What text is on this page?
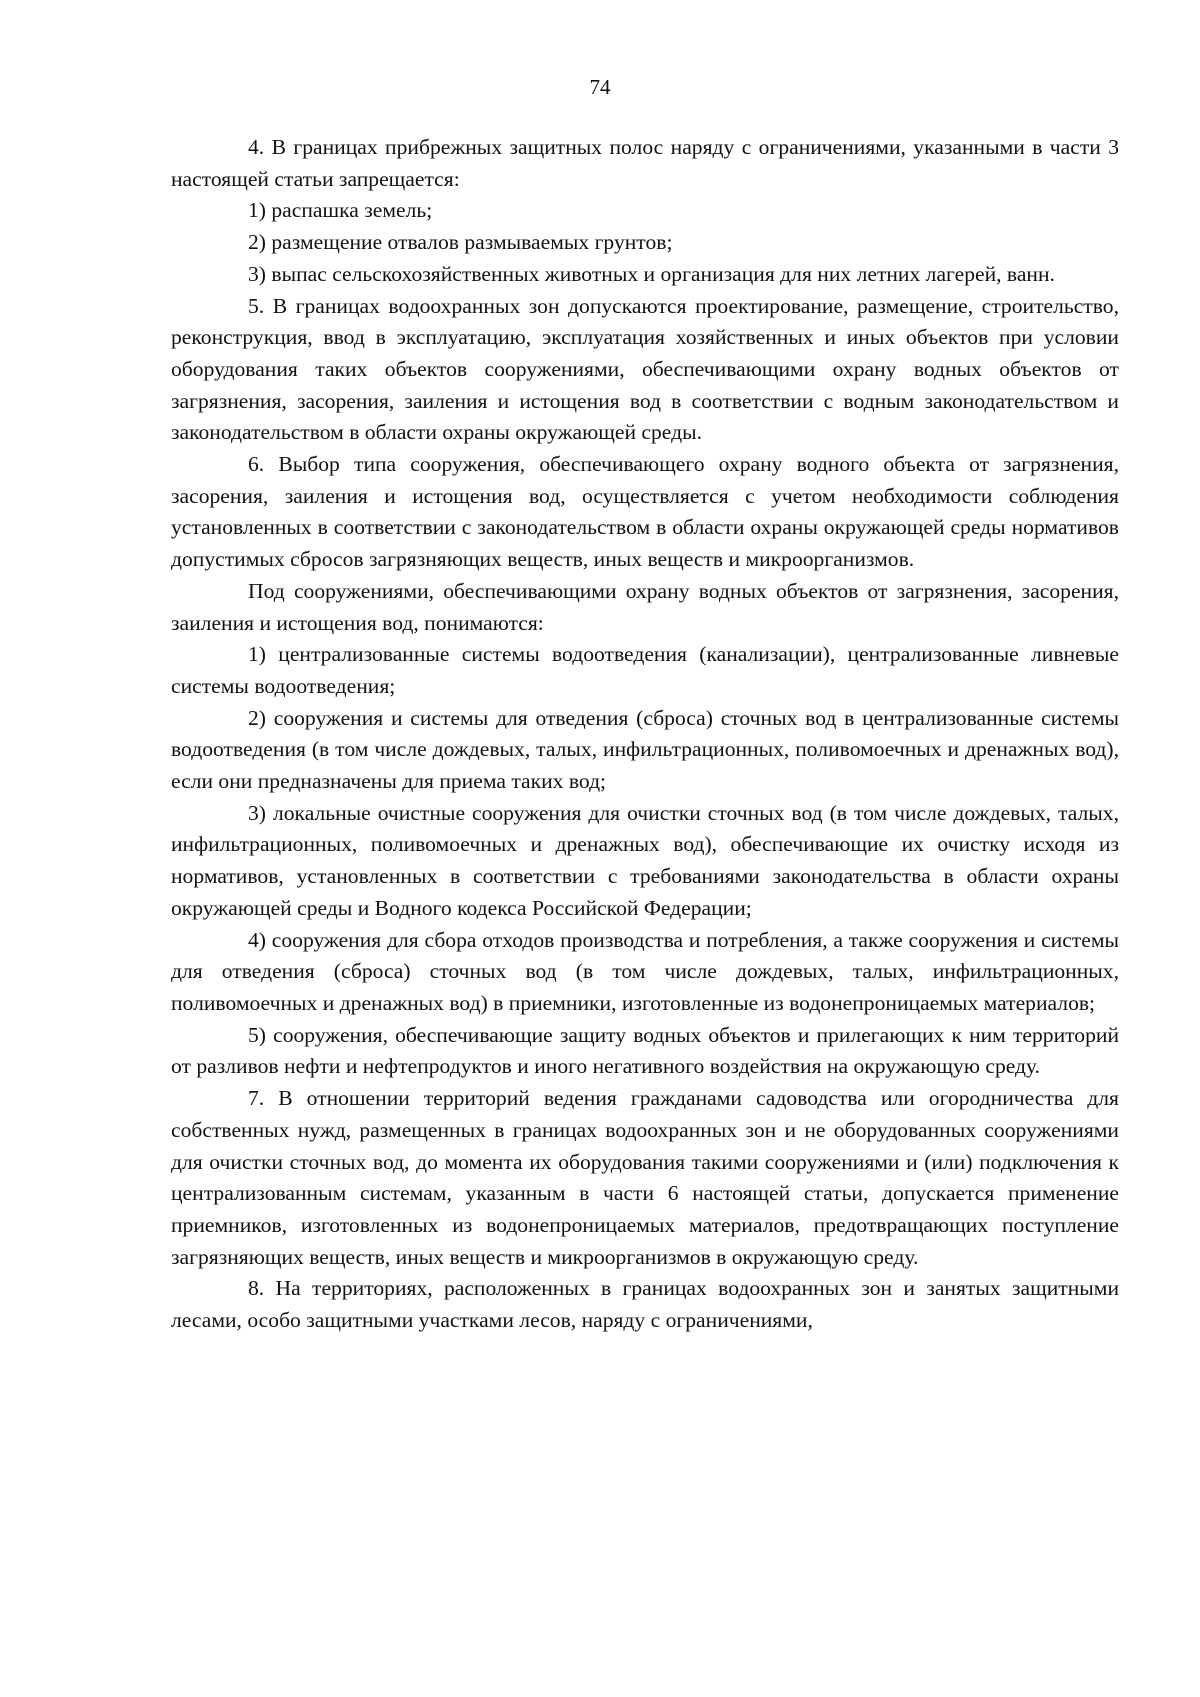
74

4. В границах прибрежных защитных полос наряду с ограничениями, указанными в части 3 настоящей статьи запрещается:

1) распашка земель;

2) размещение отвалов размываемых грунтов;

3) выпас сельскохозяйственных животных и организация для них летних лагерей, ванн.

5. В границах водоохранных зон допускаются проектирование, размещение, строительство, реконструкция, ввод в эксплуатацию, эксплуатация хозяйственных и иных объектов при условии оборудования таких объектов сооружениями, обеспечивающими охрану водных объектов от загрязнения, засорения, заиления и истощения вод в соответствии с водным законодательством и законодательством в области охраны окружающей среды.

6. Выбор типа сооружения, обеспечивающего охрану водного объекта от загрязнения, засорения, заиления и истощения вод, осуществляется с учетом необходимости соблюдения установленных в соответствии с законодательством в области охраны окружающей среды нормативов допустимых сбросов загрязняющих веществ, иных веществ и микроорганизмов.

Под сооружениями, обеспечивающими охрану водных объектов от загрязнения, засорения, заиления и истощения вод, понимаются:

1) централизованные системы водоотведения (канализации), централизованные ливневые системы водоотведения;

2) сооружения и системы для отведения (сброса) сточных вод в централизованные системы водоотведения (в том числе дождевых, талых, инфильтрационных, поливомоечных и дренажных вод), если они предназначены для приема таких вод;

3) локальные очистные сооружения для очистки сточных вод (в том числе дождевых, талых, инфильтрационных, поливомоечных и дренажных вод), обеспечивающие их очистку исходя из нормативов, установленных в соответствии с требованиями законодательства в области охраны окружающей среды и Водного кодекса Российской Федерации;

4) сооружения для сбора отходов производства и потребления, а также сооружения и системы для отведения (сброса) сточных вод (в том числе дождевых, талых, инфильтрационных, поливомоечных и дренажных вод) в приемники, изготовленные из водонепроницаемых материалов;

5) сооружения, обеспечивающие защиту водных объектов и прилегающих к ним территорий от разливов нефти и нефтепродуктов и иного негативного воздействия на окружающую среду.

7. В отношении территорий ведения гражданами садоводства или огородничества для собственных нужд, размещенных в границах водоохранных зон и не оборудованных сооружениями для очистки сточных вод, до момента их оборудования такими сооружениями и (или) подключения к централизованным системам, указанным в части 6 настоящей статьи, допускается применение приемников, изготовленных из водонепроницаемых материалов, предотвращающих поступление загрязняющих веществ, иных веществ и микроорганизмов в окружающую среду.

8. На территориях, расположенных в границах водоохранных зон и занятых защитными лесами, особо защитными участками лесов, наряду с ограничениями,
